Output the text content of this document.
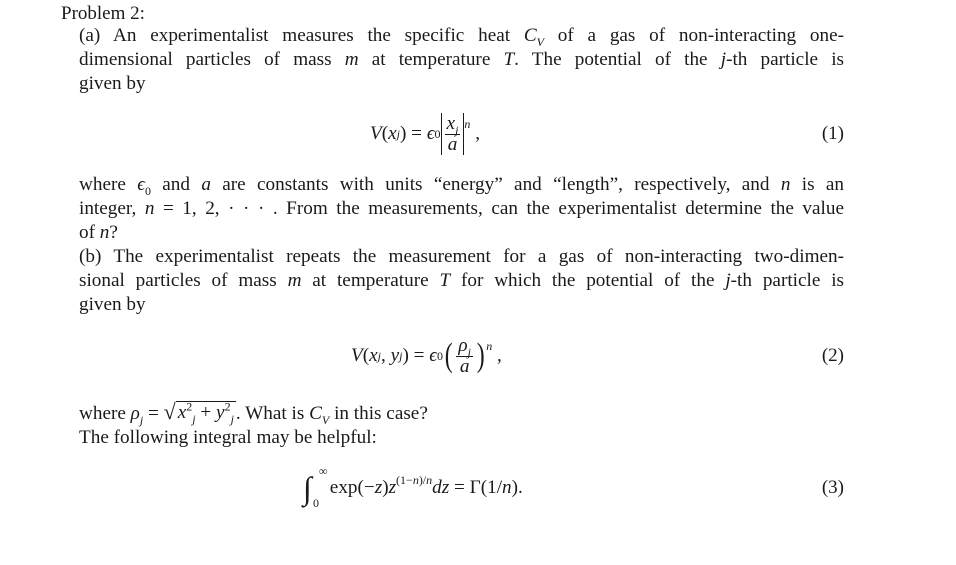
Problem 2:
(a) An experimentalist measures the specific heat $C_V$ of a gas of non-interacting one-
dimensional particles of mass m at temperature T. The potential of the j-th particle is
given by
V ( x j ) = ϵ $0 \frac{x_j}{a} ^n$ ,	(1)
where $\epsilon_0$ and a are constants with units “energy” and “length”, respectively, and n is an
integer, n = 1, 2, · · · . From the measurements, can the experimentalist determine the value
of n?
(b) The experimentalist repeats the measurement for a gas of non-interacting two-dimen-
sional particles of mass m at temperature T for which the potential of the j-th particle is
given by
V ( x j , y j ) = ϵ 0 ( $\frac{\rho_j}{a} )^n$ ,	(2)
where $\rho_j$ = √ $x^2_j + y^2_j$ . What is $C_V$ in this case?
The following integral may be helpful:
∫ ∞
0
exp(− z ) $z^{(1-n)/n}$ dz = Γ(1/ n ).	(3)
